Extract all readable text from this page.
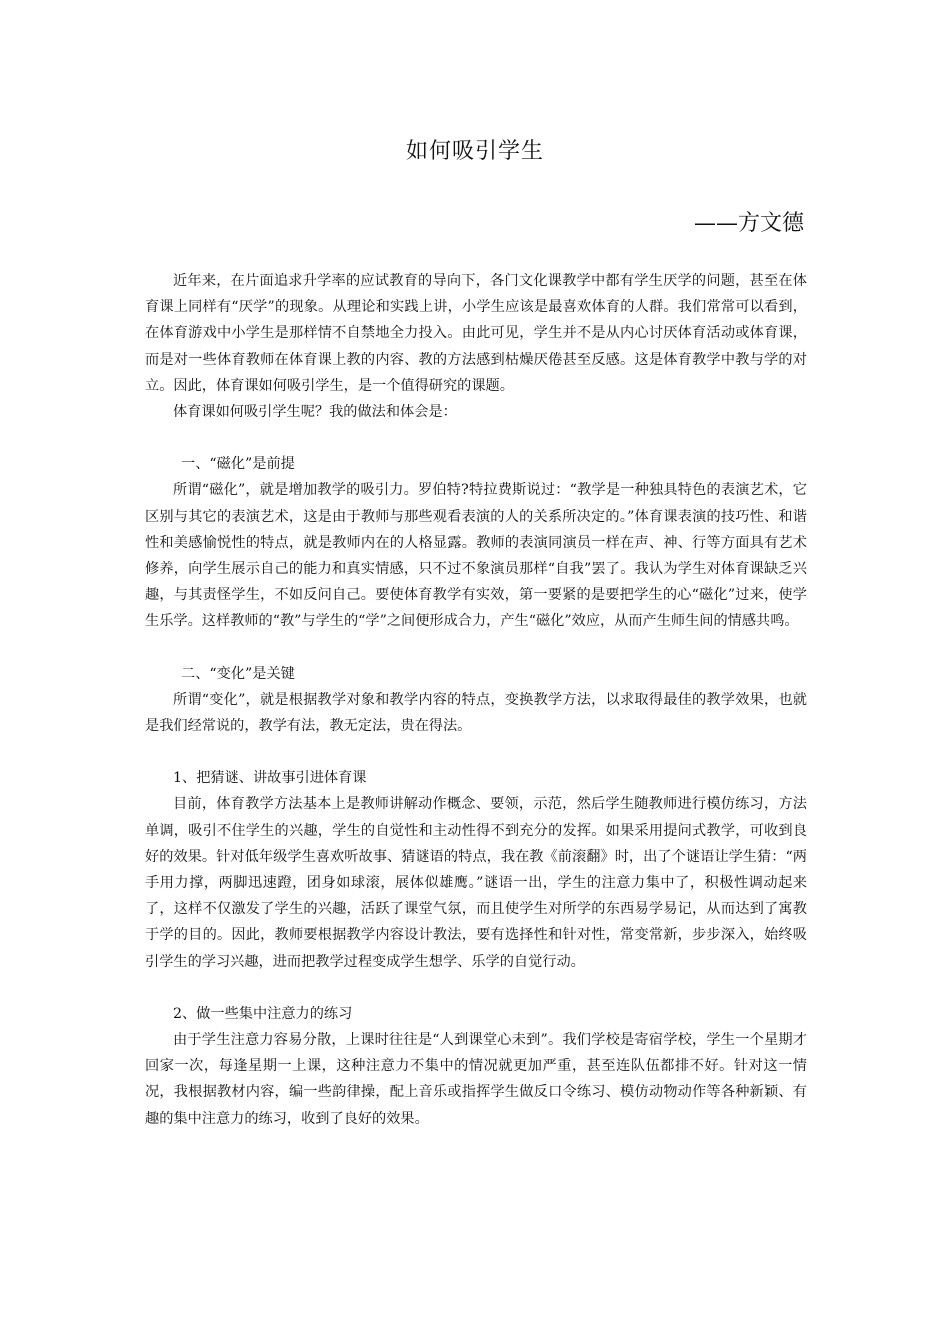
如何吸引学生
——方文德

近年来，在片面追求升学率的应试教育的导向下，各门文化课教学中都有学生厌学的问题，甚至在体育课上同样有“厌学”的现象。从理论和实践上讲，小学生应该是最喜欢体育的人群。我们常常可以看到，在体育游戏中小学生是那样情不自禁地全力投入。由此可见，学生并不是从内心讨厌体育活动或体育课，而是对一些体育教师在体育课上教的内容、教的方法感到枯燥厌倦甚至反感。这是体育教学中教与学的对立。因此，体育课如何吸引学生，是一个值得研究的课题。

体育课如何吸引学生呢？我的做法和体会是：

一、“磁化”是前提

所谓“磁化”，就是增加教学的吸引力。罗伯特?特拉费斯说过：“教学是一种独具特色的表演艺术，它区别与其它的表演艺术，这是由于教师与那些观看表演的人的关系所决定的。”体育课表演的技巧性、和谐性和美感愉悦性的特点，就是教师内在的人格显露。教师的表演同演员一样在声、神、行等方面具有艺术修养，向学生展示自己的能力和真实情感，只不过不象演员那样“自我”罢了。我认为学生对体育课缺乏兴趣，与其责怪学生，不如反问自己。要使体育教学有实效，第一要紧的是要把学生的心“磁化”过来，使学生乐学。这样教师的“教”与学生的“学”之间便形成合力，产生“磁化”效应，从而产生师生间的情感共鸣。

二、“变化”是关键

所谓“变化”，就是根据教学对象和教学内容的特点，变换教学方法，以求取得最佳的教学效果，也就是我们经常说的，教学有法，教无定法，贵在得法。

1、把猜谜、讲故事引进体育课

目前，体育教学方法基本上是教师讲解动作概念、要领，示范，然后学生随教师进行模仿练习，方法单调，吸引不住学生的兴趣，学生的自觉性和主动性得不到充分的发挥。如果采用提问式教学，可收到良好的效果。针对低年级学生喜欢听故事、猜谜语的特点，我在教《前滚翻》时，出了个谜语让学生猜：“两手用力撑，两脚迅速蹬，团身如球滚，展体似雄鹰。”谜语一出，学生的注意力集中了，积极性调动起来了，这样不仅激发了学生的兴趣，活跃了课堂气氛，而且使学生对所学的东西易学易记，从而达到了寓教于学的目的。因此，教师要根据教学内容设计教法，要有选择性和针对性，常变常新，步步深入，始终吸引学生的学习兴趣，进而把教学过程变成学生想学、乐学的自觉行动。

2、做一些集中注意力的练习

由于学生注意力容易分散，上课时往往是“人到课堂心未到”。我们学校是寄宿学校，学生一个星期才回家一次，每逢星期一上课，这种注意力不集中的情况就更加严重，甚至连队伍都排不好。针对这一情况，我根据教材内容，编一些韵律操，配上音乐或指挥学生做反口令练习、模仿动物动作等各种新颖、有趣的集中注意力的练习，收到了良好的效果。
